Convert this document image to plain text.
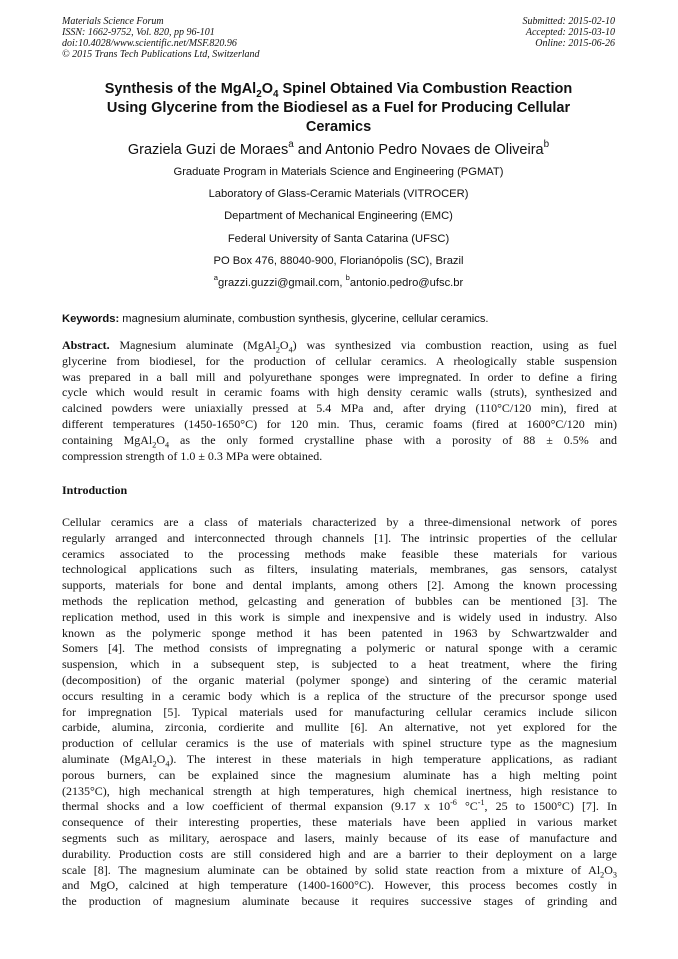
Materials Science Forum
ISSN: 1662-9752, Vol. 820, pp 96-101
doi:10.4028/www.scientific.net/MSF.820.96
© 2015 Trans Tech Publications Ltd, Switzerland
Submitted: 2015-02-10
Accepted: 2015-03-10
Online: 2015-06-26
Synthesis of the $MgAl_2O_4$ Spinel Obtained Via Combustion Reaction
Using Glycerine from the Biodiesel as a Fuel for Producing Cellular
Ceramics
Graziela Guzi de Moraes$^a$ and Antonio Pedro Novaes de Oliveira$^b$
Graduate Program in Materials Science and Engineering (PGMAT)
Laboratory of Glass-Ceramic Materials (VITROCER)
Department of Mechanical Engineering (EMC)
Federal University of Santa Catarina (UFSC)
PO Box 476, 88040-900, Florianópolis (SC), Brazil
$^a$grazzi.guzzi@gmail.com, $^b$antonio.pedro@ufsc.br
Keywords: magnesium aluminate, combustion synthesis, glycerine, cellular ceramics.
Abstract. Magnesium aluminate $(MgAl_2O_4)$ was synthesized via combustion reaction, using as fuel
glycerine from biodiesel, for the production of cellular ceramics. A rheologically stable suspension
was prepared in a ball mill and polyurethane sponges were impregnated. In order to define a firing
cycle which would result in ceramic foams with high density ceramic walls (struts), synthesized and
calcined powders were uniaxially pressed at 5.4 MPa and, after drying (110°C/120 min), fired at
different temperatures (1450-1650°C) for 120 min. Thus, ceramic foams (fired at 1600°C/120 min)
containing $MgAl_2O_4$ as the only formed crystalline phase with a porosity of 88 ± 0.5% and
compression strength of 1.0 ± 0.3 MPa were obtained.
Introduction
Cellular ceramics are a class of materials characterized by a three-dimensional network of pores
regularly arranged and interconnected through channels [1]. The intrinsic properties of the cellular
ceramics associated to the processing methods make feasible these materials for various
technological applications such as filters, insulating materials, membranes, gas sensors, catalyst
supports, materials for bone and dental implants, among others [2]. Among the known processing
methods the replication method, gelcasting and generation of bubbles can be mentioned [3]. The
replication method, used in this work is simple and inexpensive and is widely used in industry. Also
known as the polymeric sponge method it has been patented in 1963 by Schwartzwalder and
Somers [4]. The method consists of impregnating a polymeric or natural sponge with a ceramic
suspension, which in a subsequent step, is subjected to a heat treatment, where the firing
(decomposition) of the organic material (polymer sponge) and sintering of the ceramic material
occurs resulting in a ceramic body which is a replica of the structure of the precursor sponge used
for impregnation [5]. Typical materials used for manufacturing cellular ceramics include silicon
carbide, alumina, zirconia, cordierite and mullite [6]. An alternative, not yet explored for the
production of cellular ceramics is the use of materials with spinel structure type as the magnesium
aluminate $(MgAl_2O_4)$. The interest in these materials in high temperature applications, as radiant
porous burners, can be explained since the magnesium aluminate has a high melting point
(2135°C), high mechanical strength at high temperatures, high chemical inertness, high resistance to
thermal shocks and a low coefficient of thermal expansion (9.17 x $10^{-6}$ $^\circ C^{-1}$, 25 to 1500°C) [7]. In
consequence of their interesting properties, these materials have been applied in various market
segments such as military, aerospace and lasers, mainly because of its ease of manufacture and
durability. Production costs are still considered high and are a barrier to their deployment on a large
scale [8]. The magnesium aluminate can be obtained by solid state reaction from a mixture of $Al_2O_3$
and MgO, calcined at high temperature (1400-1600°C). However, this process becomes costly in
the production of magnesium aluminate because it requires successive stages of grinding and
